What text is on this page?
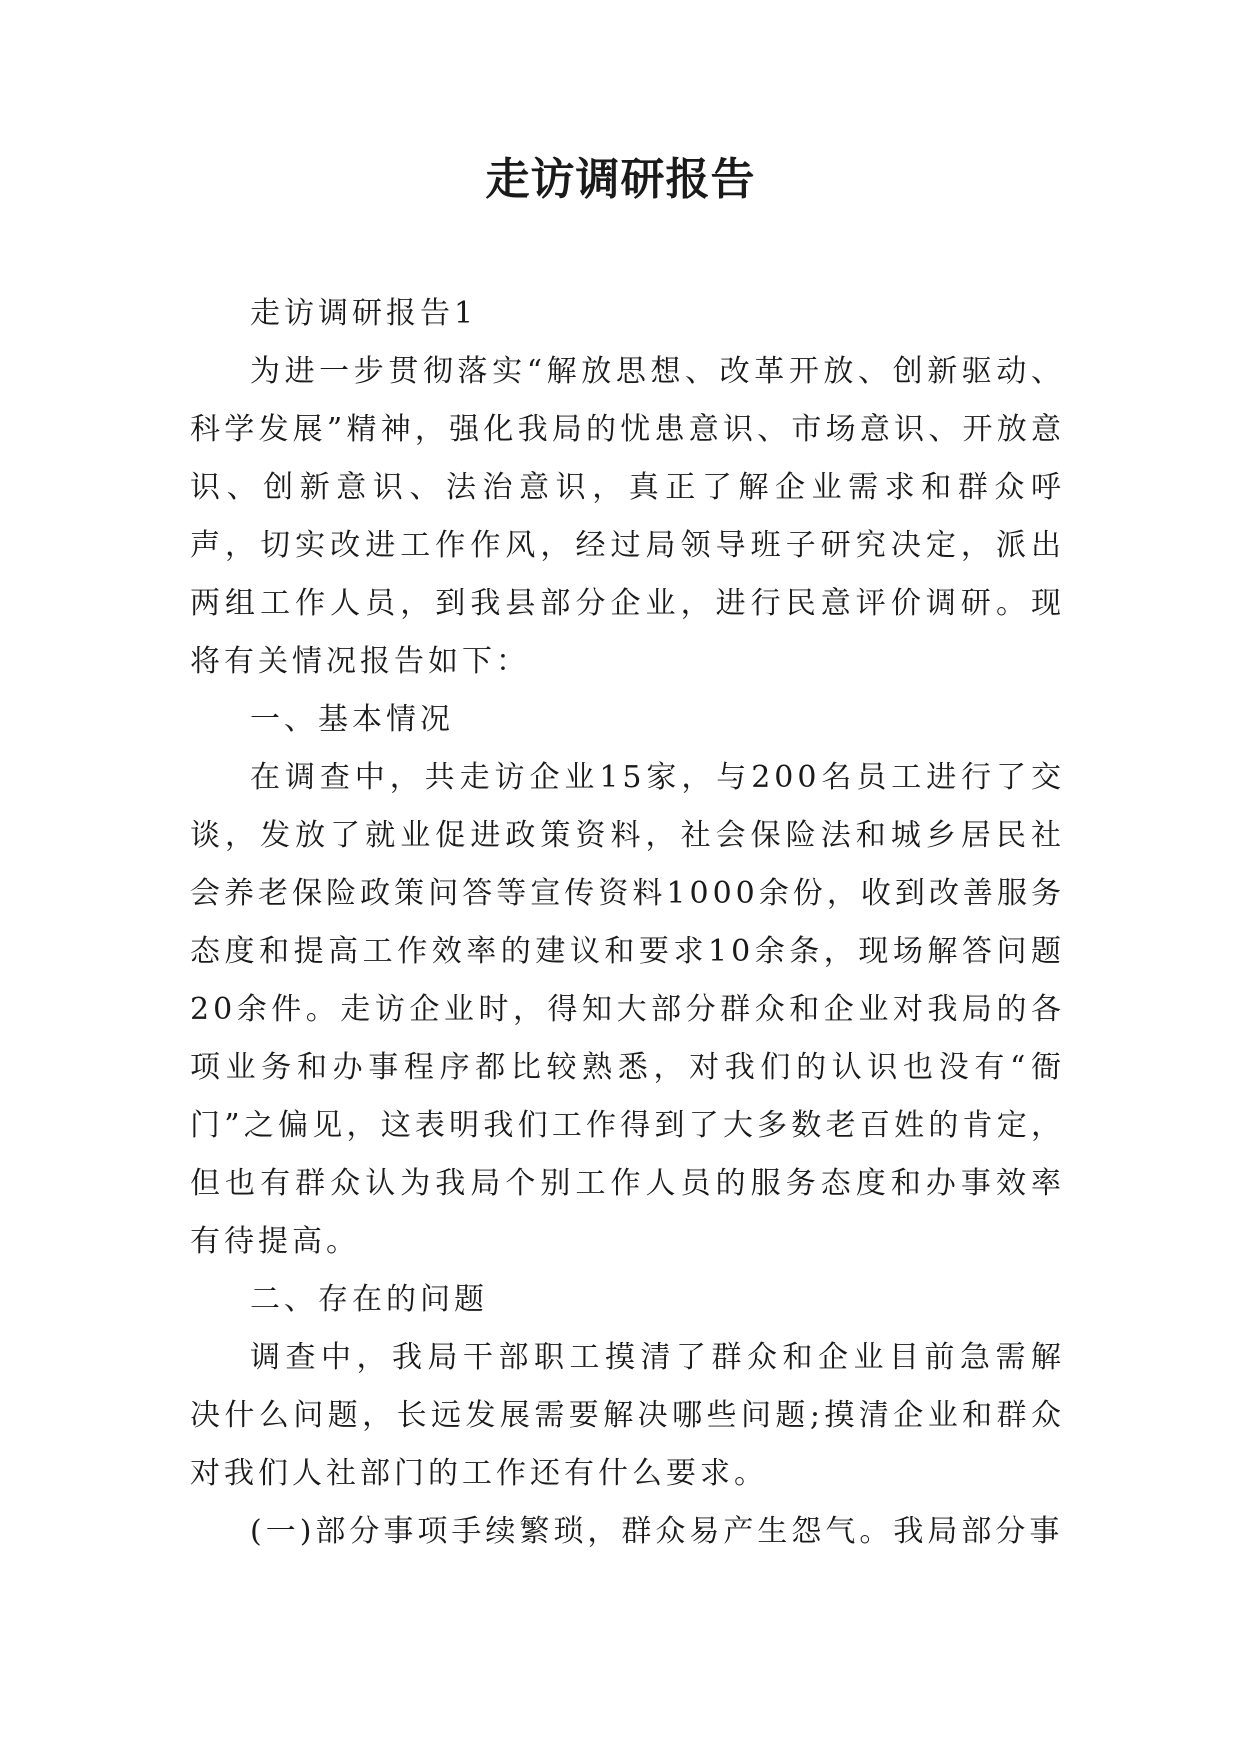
走访调研报告

走访调研报告1

为进一步贯彻落实“解放思想、改革开放、创新驱动、科学发展”精神，强化我局的忧患意识、市场意识、开放意识、创新意识、法治意识，真正了解企业需求和群众呼声，切实改进工作作风，经过局领导班子研究决定，派出两组工作人员，到我县部分企业，进行民意评价调研。现将有关情况报告如下：

一、基本情况

在调查中，共走访企业15家，与200名员工进行了交谈，发放了就业促进政策资料，社会保险法和城乡居民社会养老保险政策问答等宣传资料1000余份，收到改善服务态度和提高工作效率的建议和要求10余条，现场解答问题20余件。走访企业时，得知大部分群众和企业对我局的各项业务和办事程序都比较熟悉，对我们的认识也没有“衙门”之偏见，这表明我们工作得到了大多数老百姓的肯定，但也有群众认为我局个别工作人员的服务态度和办事效率有待提高。

二、存在的问题

调查中，我局干部职工摸清了群众和企业目前急需解决什么问题，长远发展需要解决哪些问题;摸清企业和群众对我们人社部门的工作还有什么要求。

(一)部分事项手续繁琐，群众易产生怨气。我局部分事
